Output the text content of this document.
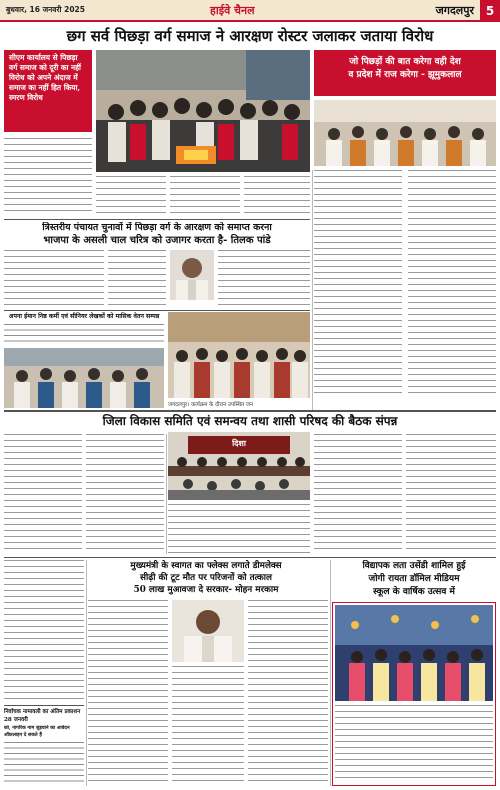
बुधवार, 16 जनवरी 2025	हाईवे चैनल	जगदलपुर 5
छग सर्व पिछड़ा वर्ग समाज ने आरक्षण रोस्टर जलाकर जताया विरोध
सीएम कार्यालय से पिछड़ा वर्ग समाज को दूरी का नहीं विरोध को अपने अंदाज में समाज का नहीं हित किया, स्मरण विरोध
जो पिछड़ों की बात करेगा वही देश
व प्रदेश में राज करेगा - झूमुकलाल
त्रिस्तरीय पंचायत चुनावों में पिछड़ा वर्ग के आरक्षण को समाप्त करना
भाजपा के असली चाल चरित्र को उजागर करता है- तिलक पांडे
अपना ईमान निष्ठ कर्मी एवं सीनियर लेखकों को मासिक वेतन सम्पन्न
जगदलपुर। कार्यक्रम के दौरान उपस्थित जन
जिला विकास समिति एवं समन्वय तथा शासी परिषद की बैठक संपन्न
दिशा
मुख्यमंत्री के स्वागत का फ्लेक्स लगाते डीमलेक्स
सीढ़ी की टूट मौत पर परिजनों को तत्काल
50 लाख मुआवजा दे सरकार- मोहन मरकाम
निर्वाचक नामावली का अंतिम प्रकाशन 28 जनवरी
को, नागरिक नाम जुड़वाने का आवेदन ऑफ़लाइन दे सकते हैं
विद्यापक लता उसेंडी शामिल हुई
जोगी रायता डॉमिल मीडियम
स्कूल के वार्षिक उत्सव में
